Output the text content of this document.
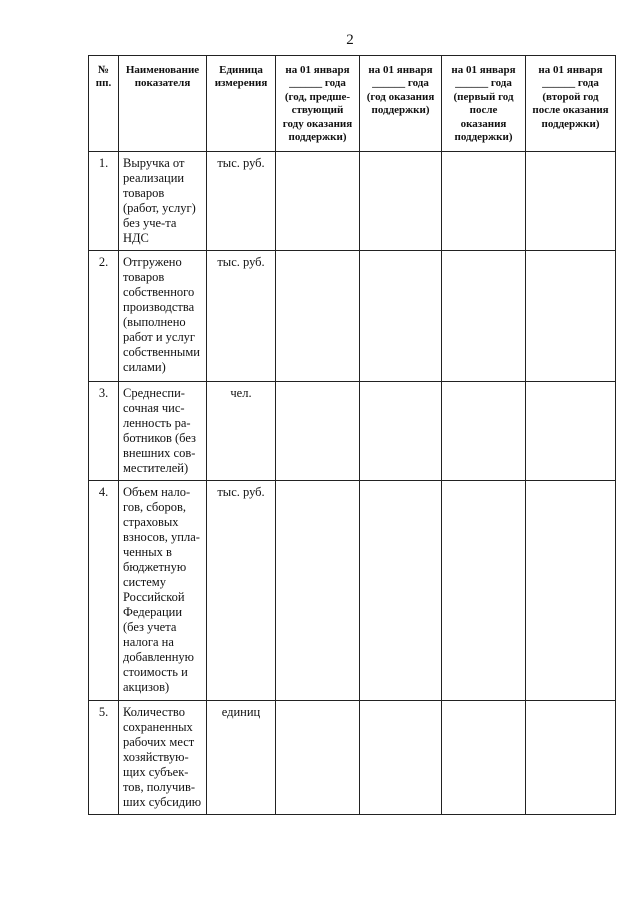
2
№ пп.	Наименование показателя	Единица измерения	на 01 января ______ года (год, предше-ствующий году оказания поддержки)	на 01 января ______ года (год оказания поддержки)	на 01 января ______ года (первый год после оказания поддержки)	на 01 января ______ года (второй год после оказания поддержки)
1.	Выручка от реализации товаров (работ, услуг) без уче-та НДС	тыс. руб.				
2.	Отгружено товаров собственного производства (выполнено работ и услуг собственными силами)	тыс. руб.				
3.	Среднеспи-сочная чис-ленность ра-ботников (без внешних сов-местителей)	чел.				
4.	Объем нало-гов, сборов, страховых взносов, упла-ченных в бюджетную систему Российской Федерации (без учета налога на добавленную стоимость и акцизов)	тыс. руб.				
5.	Количество сохраненных рабочих мест хозяйствую-щих субъек-тов, получив-ших субсидию	единиц				
